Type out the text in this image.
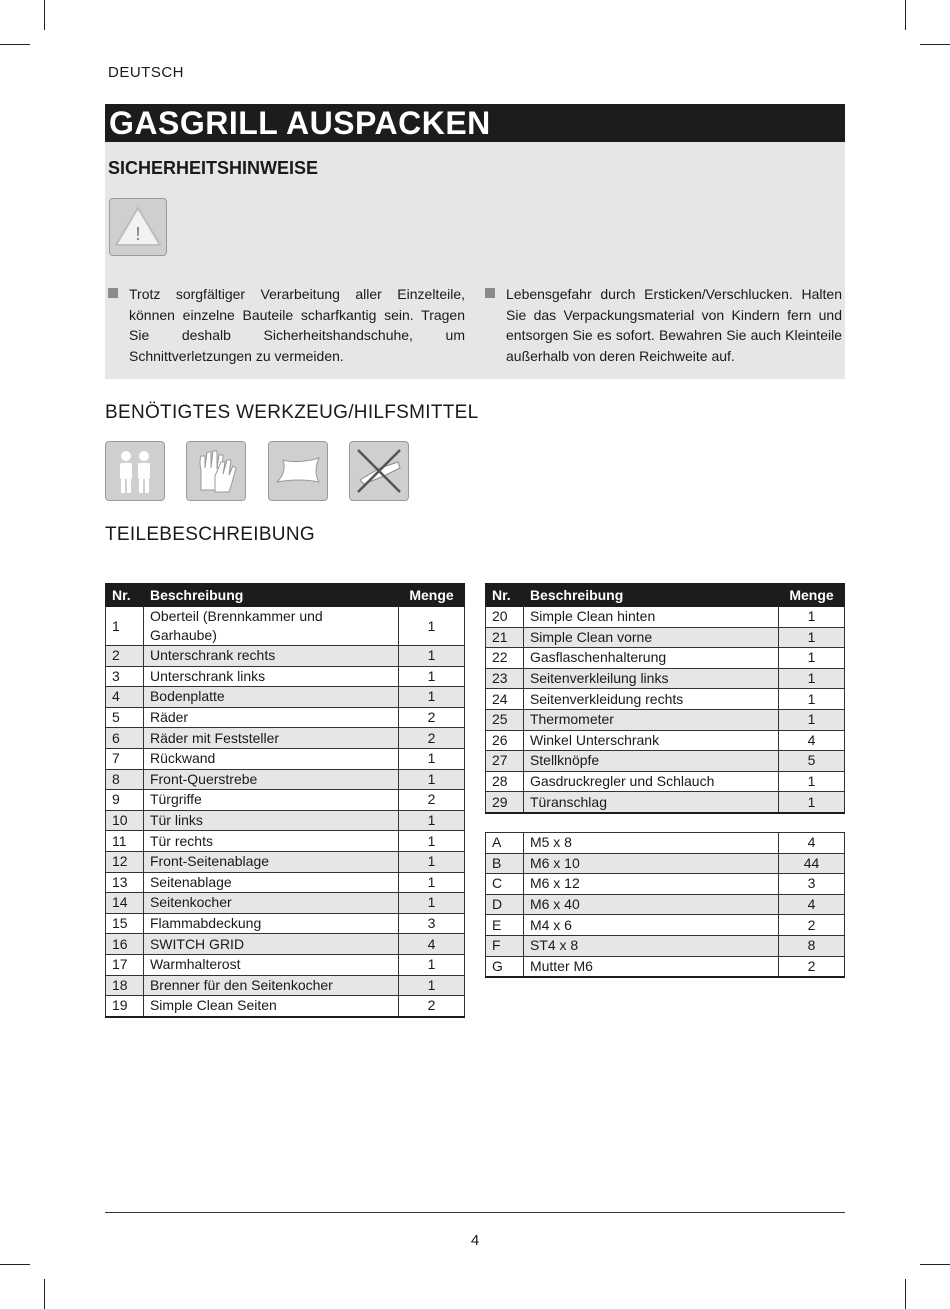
DEUTSCH
GASGRILL AUSPACKEN
SICHERHEITSHINWEISE
!
Trotz sorgfältiger Verarbeitung aller Einzelteile, können einzelne Bauteile scharfkantig sein. Tragen Sie deshalb Sicherheitshandschuhe, um Schnittverletzungen zu vermeiden.
Lebensgefahr durch Ersticken/Verschlucken. Halten Sie das Verpackungsmaterial von Kindern fern und entsorgen Sie es sofort. Bewahren Sie auch Kleinteile außerhalb von deren Reichweite auf.
BENÖTIGTES WERKZEUG/HILFSMITTEL
TEILEBESCHREIBUNG
Nr.	Beschreibung	Menge
1	Oberteil (Brennkammer und Garhaube)	1
2	Unterschrank rechts	1
3	Unterschrank links	1
4	Bodenplatte	1
5	Räder	2
6	Räder mit Feststeller	2
7	Rückwand	1
8	Front-Querstrebe	1
9	Türgriffe	2
10	Tür links	1
11	Tür rechts	1
12	Front-Seitenablage	1
13	Seitenablage	1
14	Seitenkocher	1
15	Flammabdeckung	3
16	SWITCH GRID	4
17	Warmhalterost	1
18	Brenner für den Seitenkocher	1
19	Simple Clean Seiten	2
Nr.	Beschreibung	Menge
20	Simple Clean hinten	1
21	Simple Clean vorne	1
22	Gasflaschenhalterung	1
23	Seitenverkleilung links	1
24	Seitenverkleidung rechts	1
25	Thermometer	1
26	Winkel Unterschrank	4
27	Stellknöpfe	5
28	Gasdruckregler und Schlauch	1
29	Türanschlag	1
A	M5 x 8	4
B	M6 x 10	44
C	M6 x 12	3
D	M6 x 40	4
E	M4 x 6	2
F	ST4 x 8	8
G	Mutter M6	2
4
